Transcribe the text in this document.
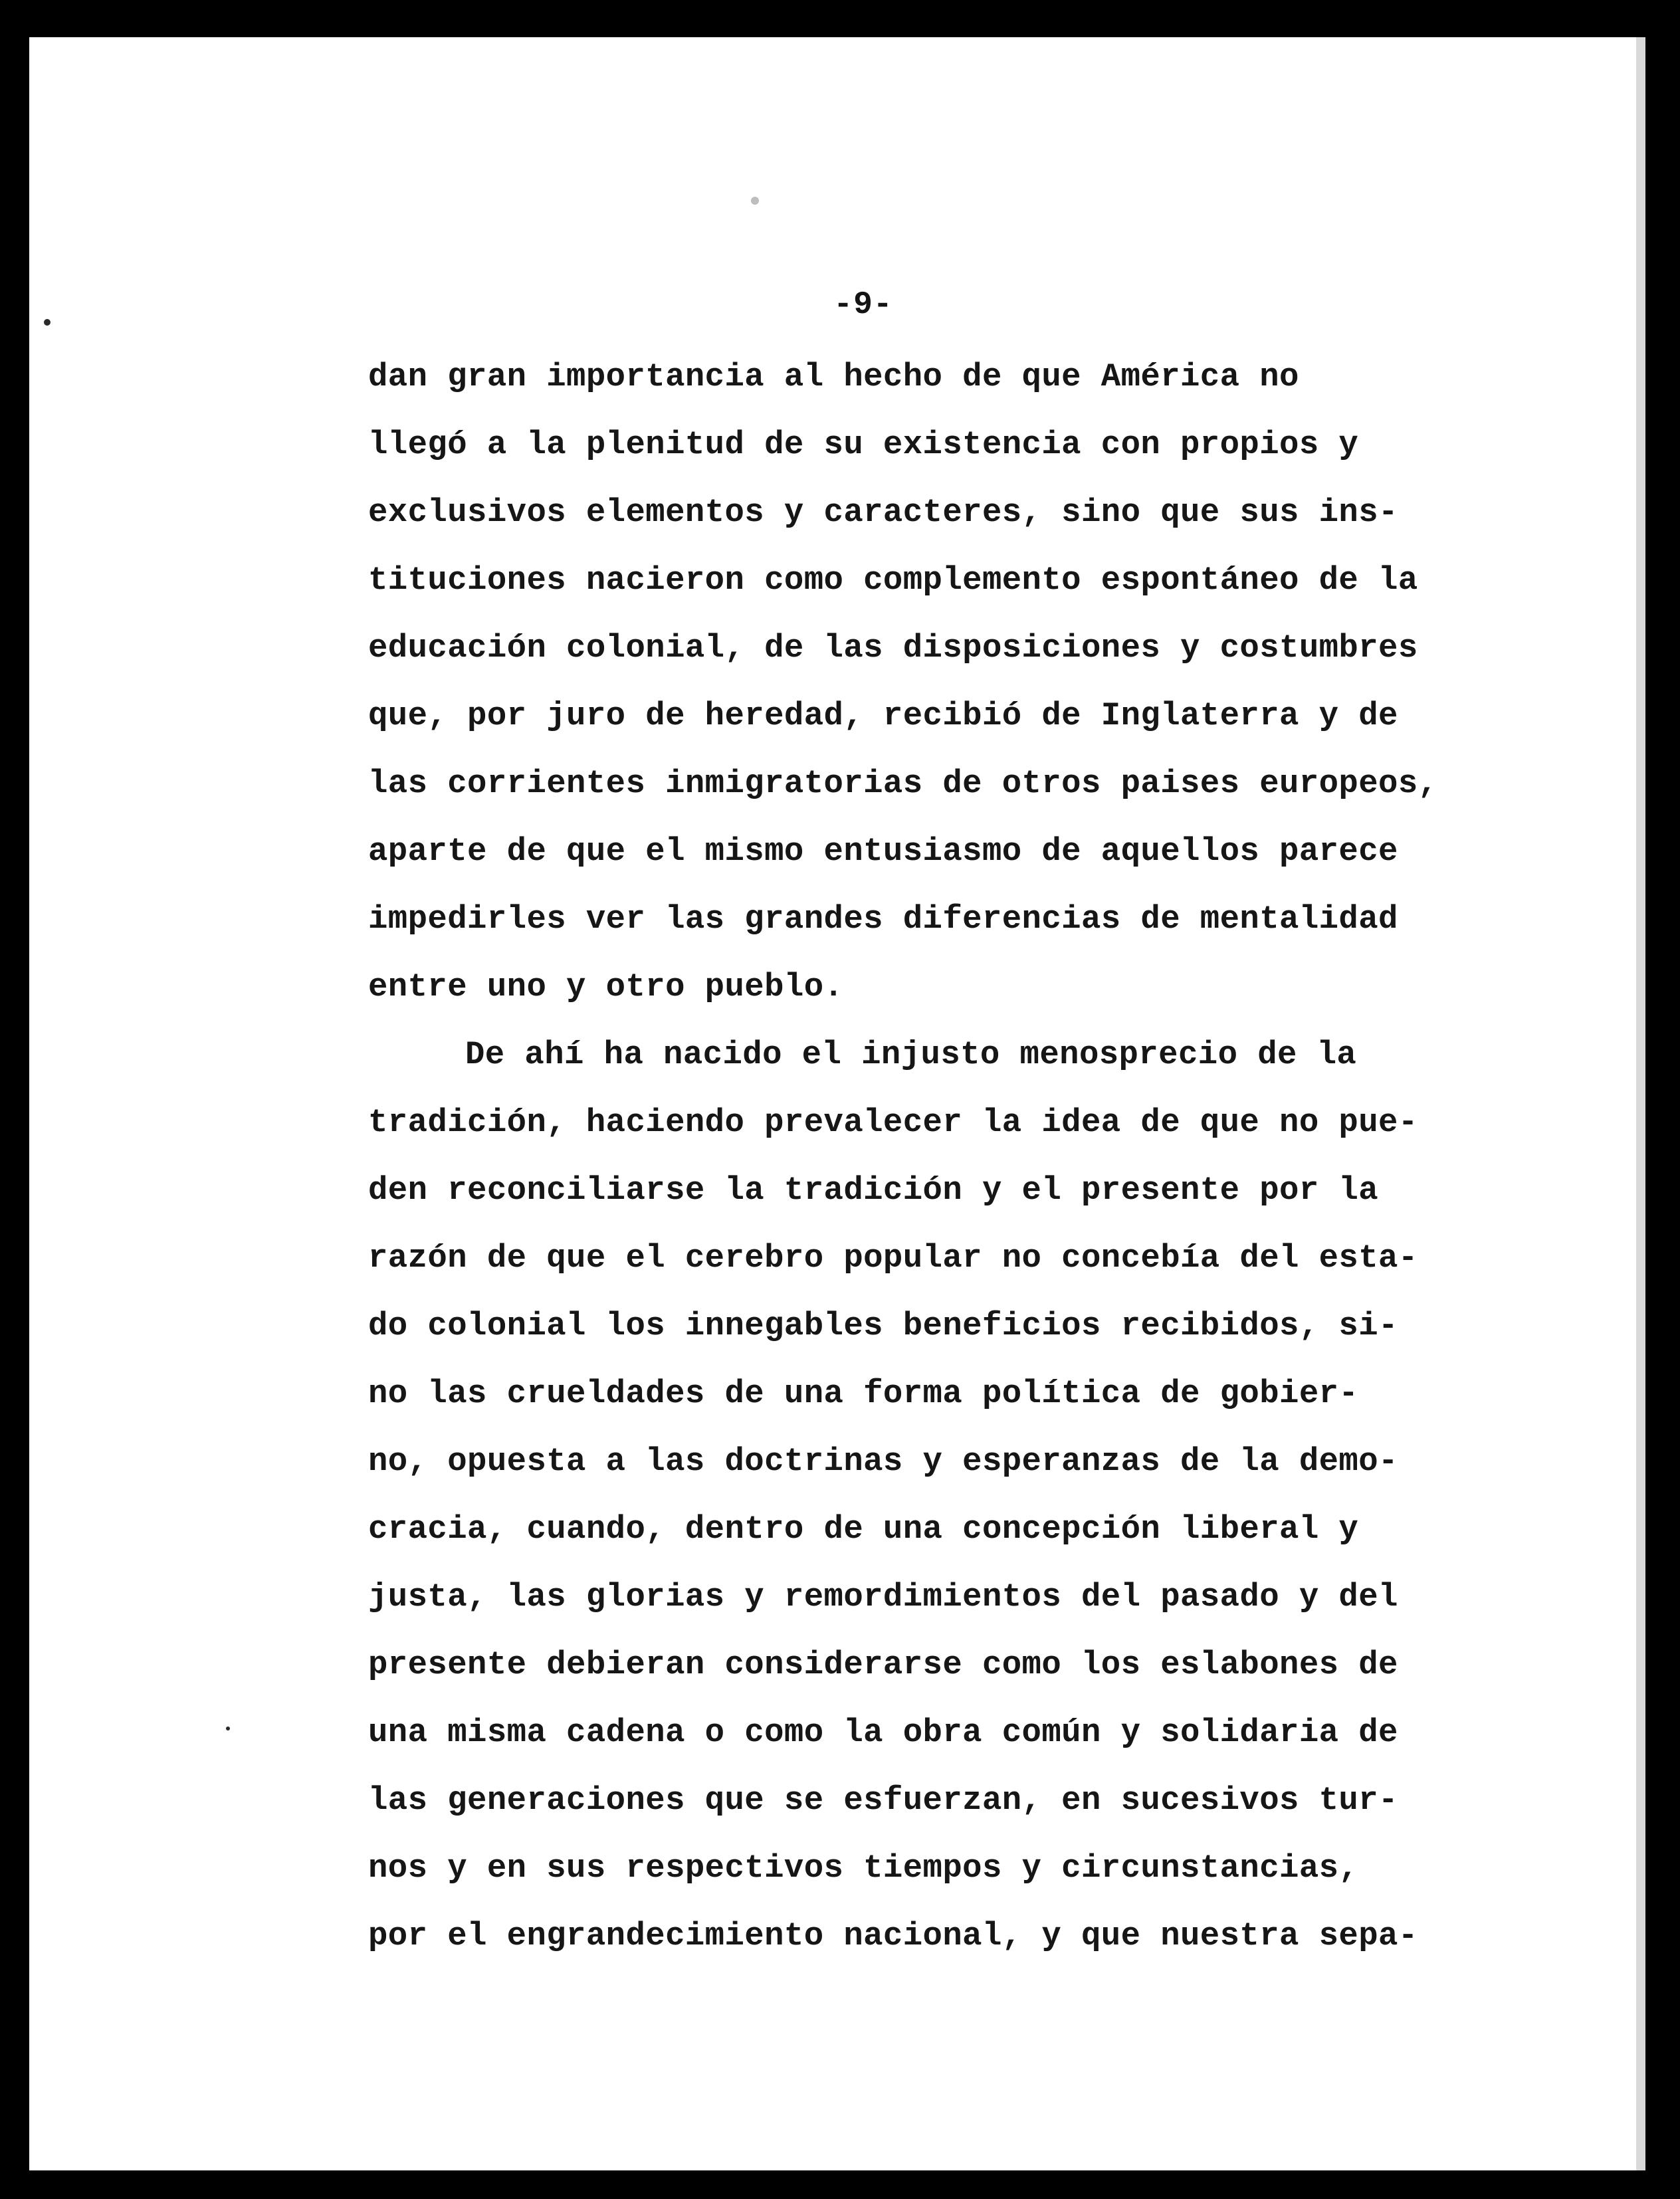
-9-
dan gran importancia al hecho de que América no
llegó a la plenitud de su existencia con propios y
exclusivos elementos y caracteres, sino que sus ins-
tituciones nacieron como complemento espontáneo de la
educación colonial, de las disposiciones y costumbres
que, por juro de heredad, recibió de Inglaterra y de
las corrientes inmigratorias de otros paises europeos,
aparte de que el mismo entusiasmo de aquellos parece
impedirles ver las grandes diferencias de mentalidad
entre uno y otro pueblo.
De ahí ha nacido el injusto menosprecio de la
tradición, haciendo prevalecer la idea de que no pue-
den reconciliarse la tradición y el presente por la
razón de que el cerebro popular no concebía del esta-
do colonial los innegables beneficios recibidos, si-
no las crueldades de una forma política de gobier-
no, opuesta a las doctrinas y esperanzas de la demo-
cracia, cuando, dentro de una concepción liberal y
justa, las glorias y remordimientos del pasado y del
presente debieran considerarse como los eslabones de
una misma cadena o como la obra común y solidaria de
las generaciones que se esfuerzan, en sucesivos tur-
nos y en sus respectivos tiempos y circunstancias,
por el engrandecimiento nacional, y que nuestra sepa-
